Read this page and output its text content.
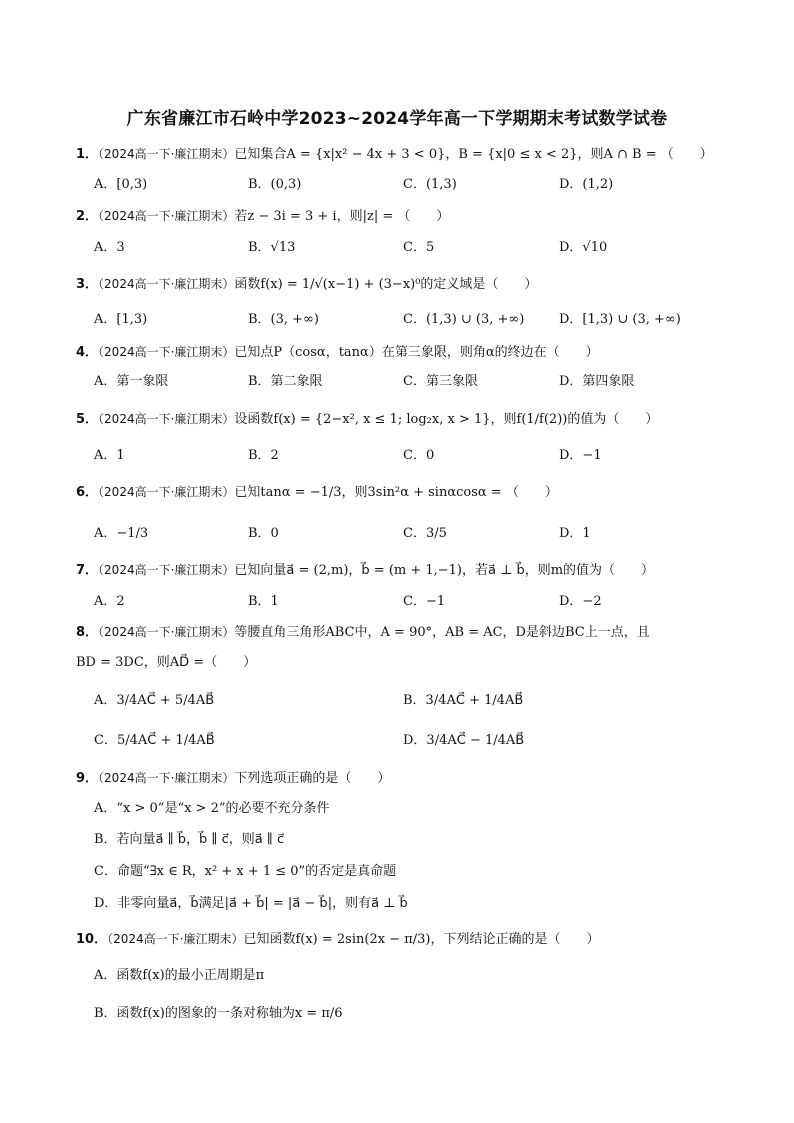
广东省廉江市石岭中学2023~2024学年高一下学期期末考试数学试卷
1．（2024高一下·廉江期末）已知集合A = {x|x² − 4x + 3 < 0}，B = {x|0 ≤ x < 2}，则A ∩ B = （　　）
A．[0,3)	B．(0,3)	C．(1,3)	D．(1,2)
2．（2024高一下·廉江期末）若z − 3i = 3 + i，则|z| = （　　）
A．3	B．√13	C．5	D．√10
3．（2024高一下·廉江期末）函数f(x) = 1/√(x−1) + (3−x)⁰的定义域是（　　）
A．[1,3)	B．(3, +∞)	C．(1,3) ∪ (3, +∞)	D．[1,3) ∪ (3, +∞)
4．（2024高一下·廉江期末）已知点P（cosα，tanα）在第三象限，则角α的终边在（　　）
A．第一象限	B．第二象限	C．第三象限	D．第四象限
5．（2024高一下·廉江期末）设函数f(x) = {2−x², x ≤ 1; log₂x, x > 1}，则f(1/f(2))的值为（　　）
A．1	B．2	C．0	D．−1
6．（2024高一下·廉江期末）已知tanα = −1/3，则3sin²α + sinαcosα = （　　）
A．−1/3	B．0	C．3/5	D．1
7．（2024高一下·廉江期末）已知向量a⃗ = (2,m)，b⃗ = (m + 1,−1)，若a⃗ ⊥ b⃗，则m的值为（　　）
A．2	B．1	C．−1	D．−2
8．（2024高一下·廉江期末）等腰直角三角形ABC中，A = 90°，AB = AC，D是斜边BC上一点，且
BD = 3DC，则AD⃗ =（　　）
A．3/4AC⃗ + 5/4AB⃗	B．3/4AC⃗ + 1/4AB⃗
C．5/4AC⃗ + 1/4AB⃗	D．3/4AC⃗ − 1/4AB⃗
9．（2024高一下·廉江期末）下列选项正确的是（　　）
A．“x > 0”是“x > 2”的必要不充分条件
B．若向量a⃗ ∥ b⃗，b⃗ ∥ c⃗，则a⃗ ∥ c⃗
C．命题“∃x ∈ R，x² + x + 1 ≤ 0”的否定是真命题
D．非零向量a⃗，b⃗满足|a⃗ + b⃗| = |a⃗ − b⃗|，则有a⃗ ⊥ b⃗
10．（2024高一下·廉江期末）已知函数f(x) = 2sin(2x − π/3)，下列结论正确的是（　　）
A．函数f(x)的最小正周期是π
B．函数f(x)的图象的一条对称轴为x = π/6
